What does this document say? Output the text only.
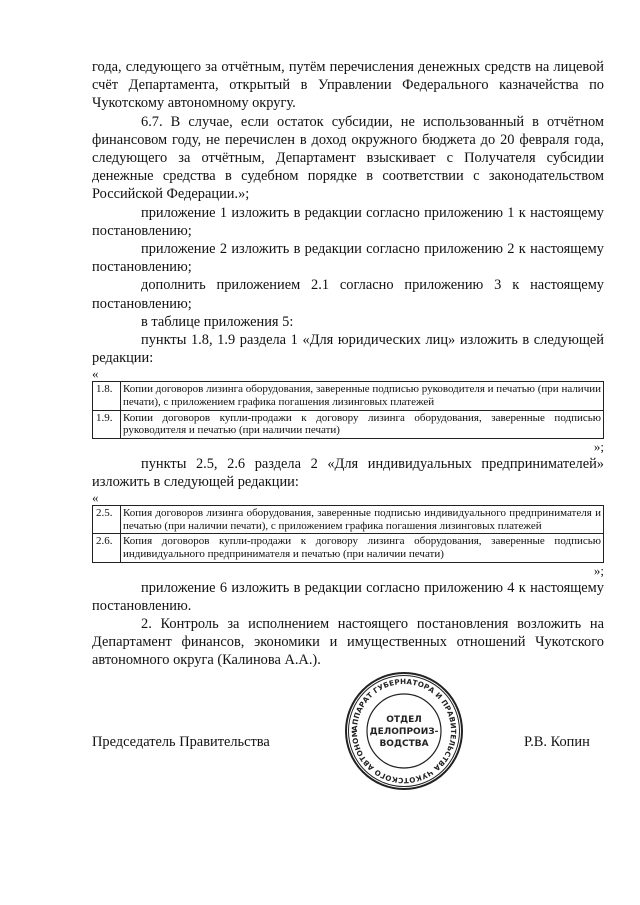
года, следующего за отчётным, путём перечисления денежных средств на лицевой счёт Департамента, открытый в Управлении Федерального казначейства по Чукотскому автономному округу.

6.7. В случае, если остаток субсидии, не использованный в отчётном финансовом году, не перечислен в доход окружного бюджета до 20 февраля года, следующего за отчётным, Департамент взыскивает с Получателя субсидии денежные средства в судебном порядке в соответствии с законодательством Российской Федерации.»;

приложение 1 изложить в редакции согласно приложению 1 к настоящему постановлению;

приложение 2 изложить в редакции согласно приложению 2 к настоящему постановлению;

дополнить приложением 2.1 согласно приложению 3 к настоящему постановлению;

в таблице приложения 5:

пункты 1.8, 1.9 раздела 1 «Для юридических лиц» изложить в следующей редакции:

«

1.8.	Копии договоров лизинга оборудования, заверенные подписью руководителя и печатью (при наличии печати), с приложением графика погашения лизинговых платежей
1.9.	Копии договоров купли-продажи к договору лизинга оборудования, заверенные подписью руководителя и печатью (при наличии печати)

»;

пункты 2.5, 2.6 раздела 2 «Для индивидуальных предпринимателей» изложить в следующей редакции:

«

2.5.	Копия договоров лизинга оборудования, заверенные подписью индивидуального предпринимателя и печатью (при наличии печати), с приложением графика погашения лизинговых платежей
2.6.	Копия договоров купли-продажи к договору лизинга оборудования, заверенные подписью индивидуального предпринимателя и печатью (при наличии печати)

»;

приложение 6 изложить в редакции согласно приложению 4 к настоящему постановлению.

2. Контроль за исполнением настоящего постановления возложить на Департамент финансов, экономики и имущественных отношений Чукотского автономного округа (Калинова А.А.).

АППАРАТ ГУБЕРНАТОРА И ПРАВИТЕЛЬСТВА ЧУКОТСКОГО АВТОНОМ
ОТДЕЛ
ДЕЛОПРОИЗ-
ВОДСТВА
Председатель Правительства	Р.В. Копин
